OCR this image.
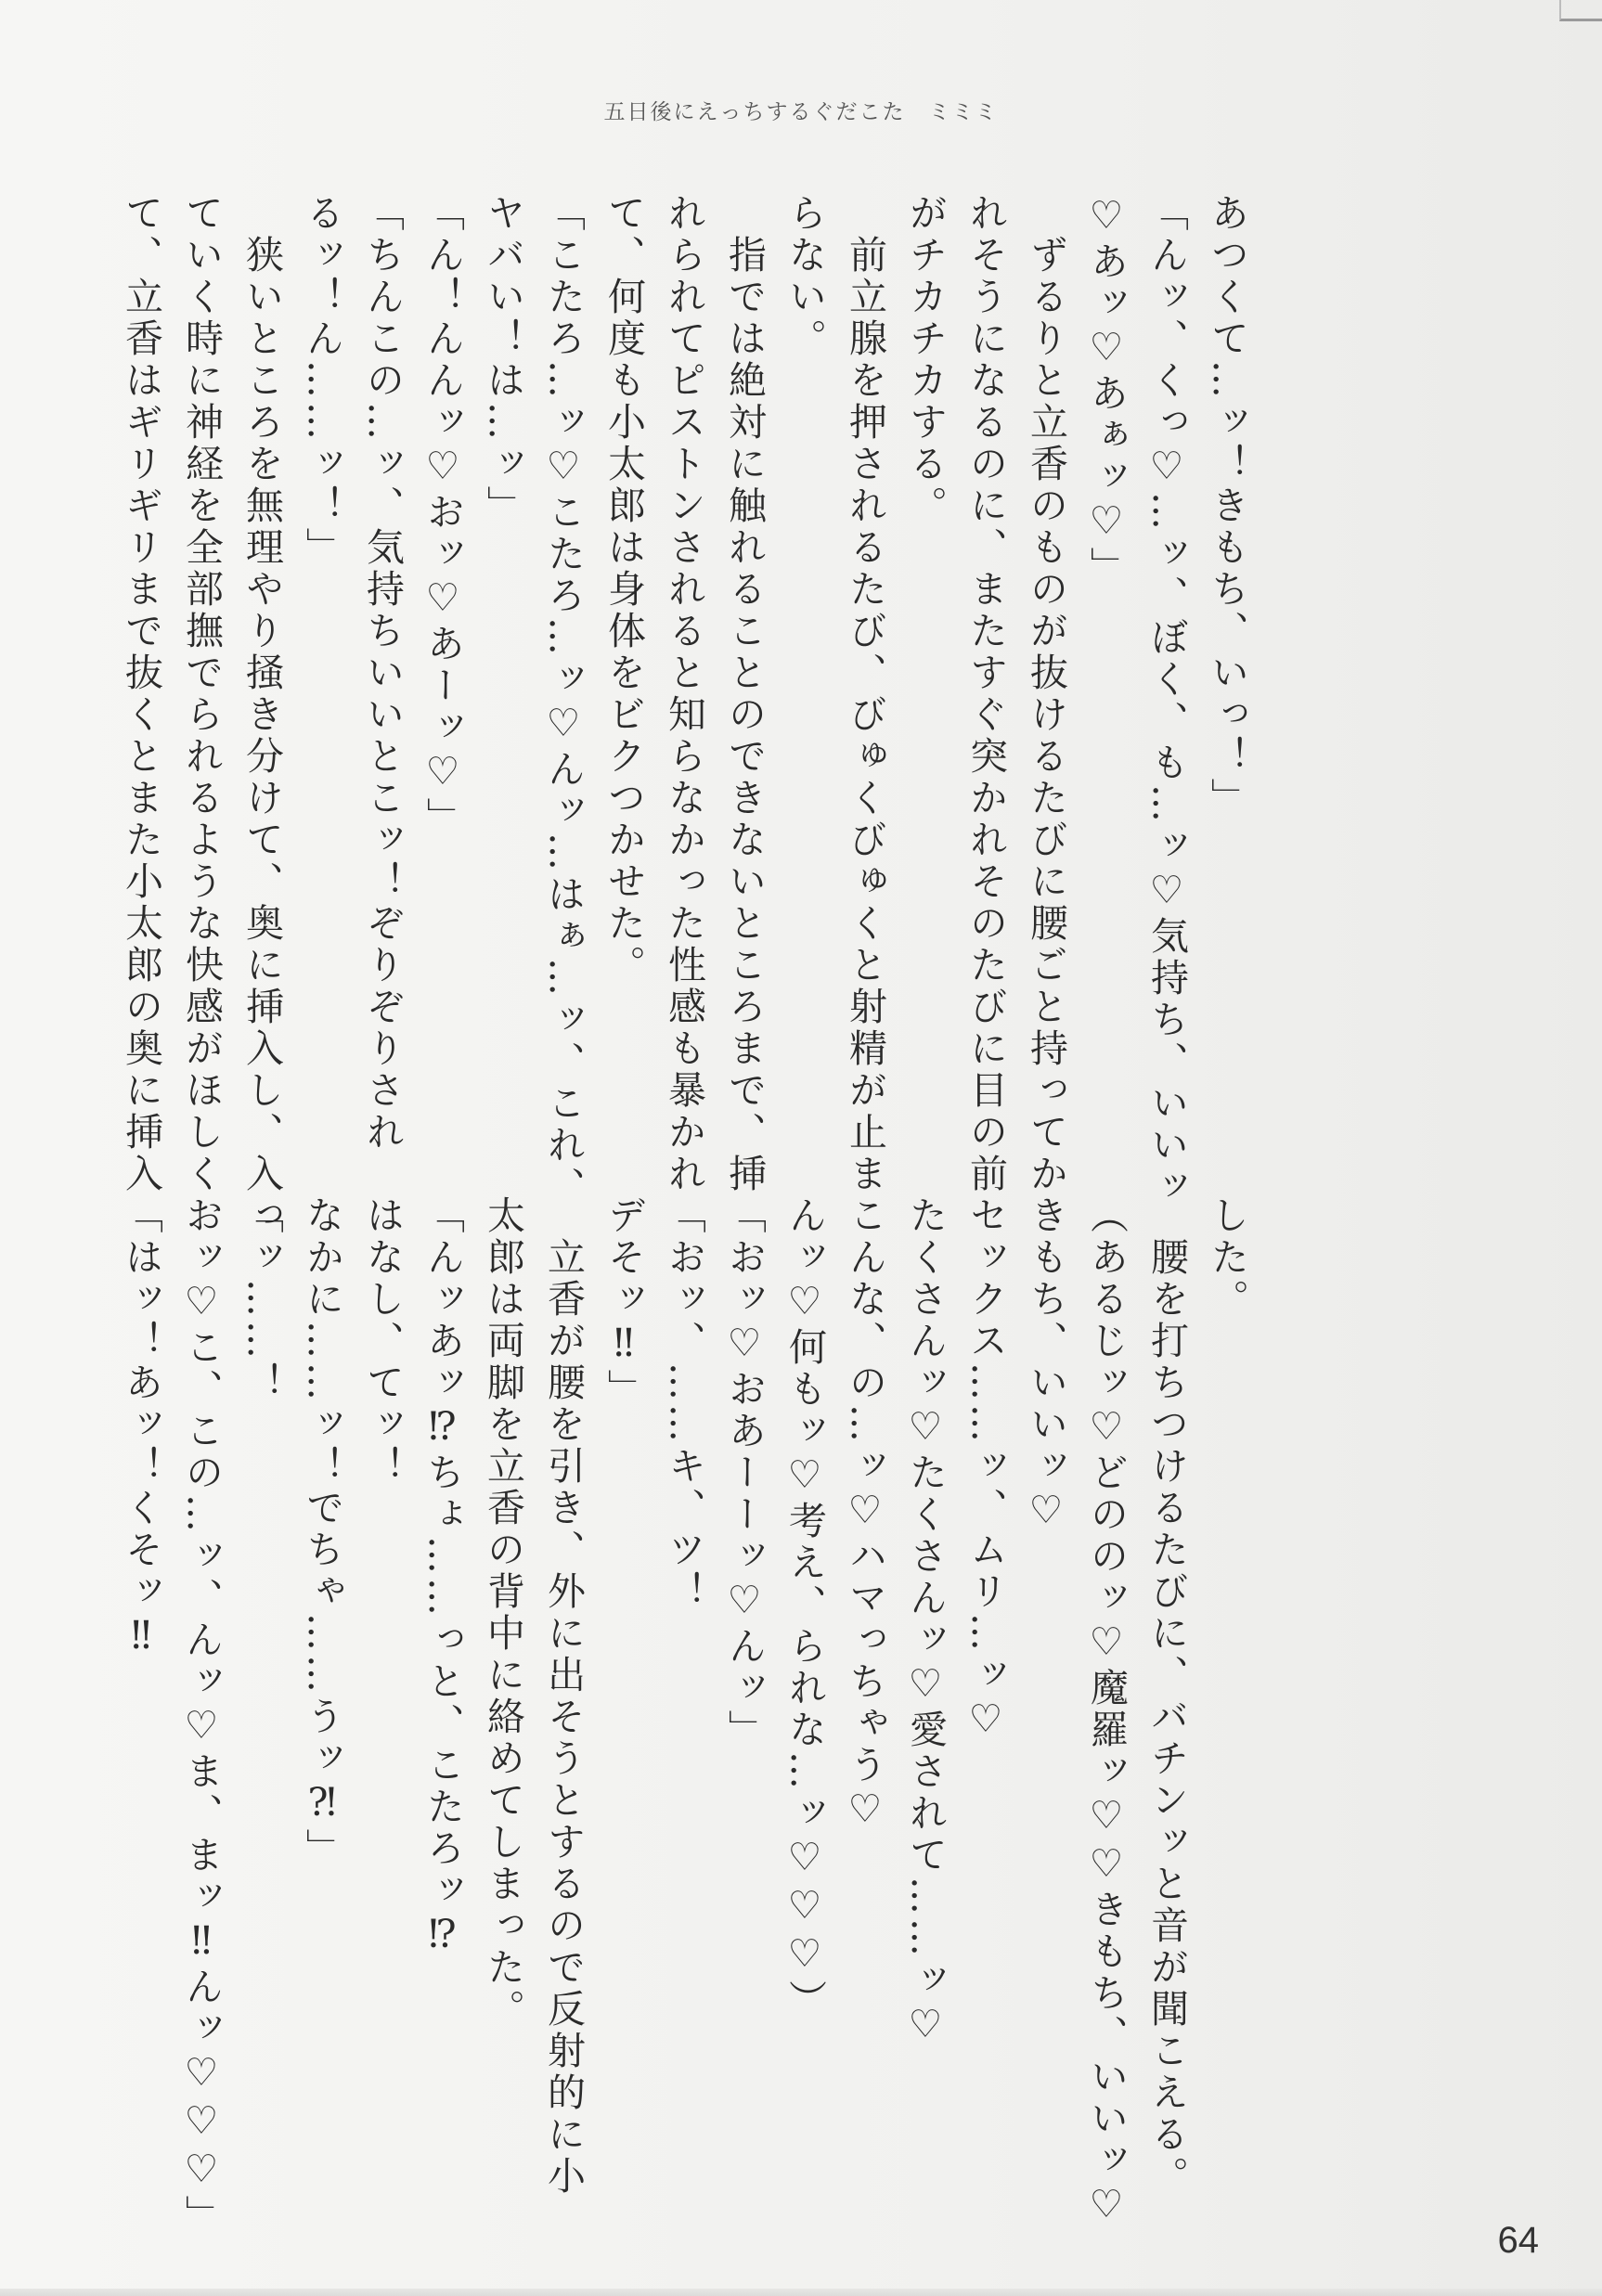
五日後にえっちするぐだこた　ミミミ

あつくて…ッ！きもち、いっ！」

「んッ、くっ♡…ッ、ぼく、も…ッ♡気持ち、いいッ

♡あッ♡あぁッ♡」

　ずるりと立香のものが抜けるたびに腰ごと持ってか

れそうになるのに、またすぐ突かれそのたびに目の前

がチカチカする。

　前立腺を押されるたび、びゅくびゅくと射精が止ま

らない。

　指では絶対に触れることのできないところまで、挿

れられてピストンされると知らなかった性感も暴かれ

て、何度も小太郎は身体をビクつかせた。

「こたろ…ッ♡こたろ…ッ♡んッ…はぁ…ッ、これ、

ヤバい！は…ッ」

「ん！んんッ♡おッ♡あーッ♡」

「ちんこの…ッ、気持ちいいとこッ！ぞりぞりされ

るッ！ん……ッ！」

　狭いところを無理やり掻き分けて、奥に挿入し、入っ

ていく時に神経を全部撫でられるような快感がほしく

て、立香はギリギリまで抜くとまた小太郎の奥に挿入

した。

　腰を打ちつけるたびに、バチンッと音が聞こえる。

（あるじッ♡どののッ♡魔羅ッ♡♡きもち、いいッ♡

きもち、いいッ♡

セックス……ッ、ムリ…ッ♡

たくさんッ♡たくさんッ♡愛されて……ッ♡

こんな、の…ッ♡ハマっちゃう♡

んッ♡何もッ♡考え、られな…ッ♡♡♡）

「おッ♡おあーーッ♡んッ」

「おッ、……キ、ツ！

デそッ‼」

　立香が腰を引き、外に出そうとするので反射的に小

太郎は両脚を立香の背中に絡めてしまった。

「んッあッ⁉ちょ……っと、こたろッ⁉

はなし、てッ！

なかに……ッ！でちゃ……うッ⁈」

「ッ……！

おッ♡こ、この…ッ、んッ♡ま、まッ‼んッ♡♡♡」

「はッ！あッ！くそッ‼

64
